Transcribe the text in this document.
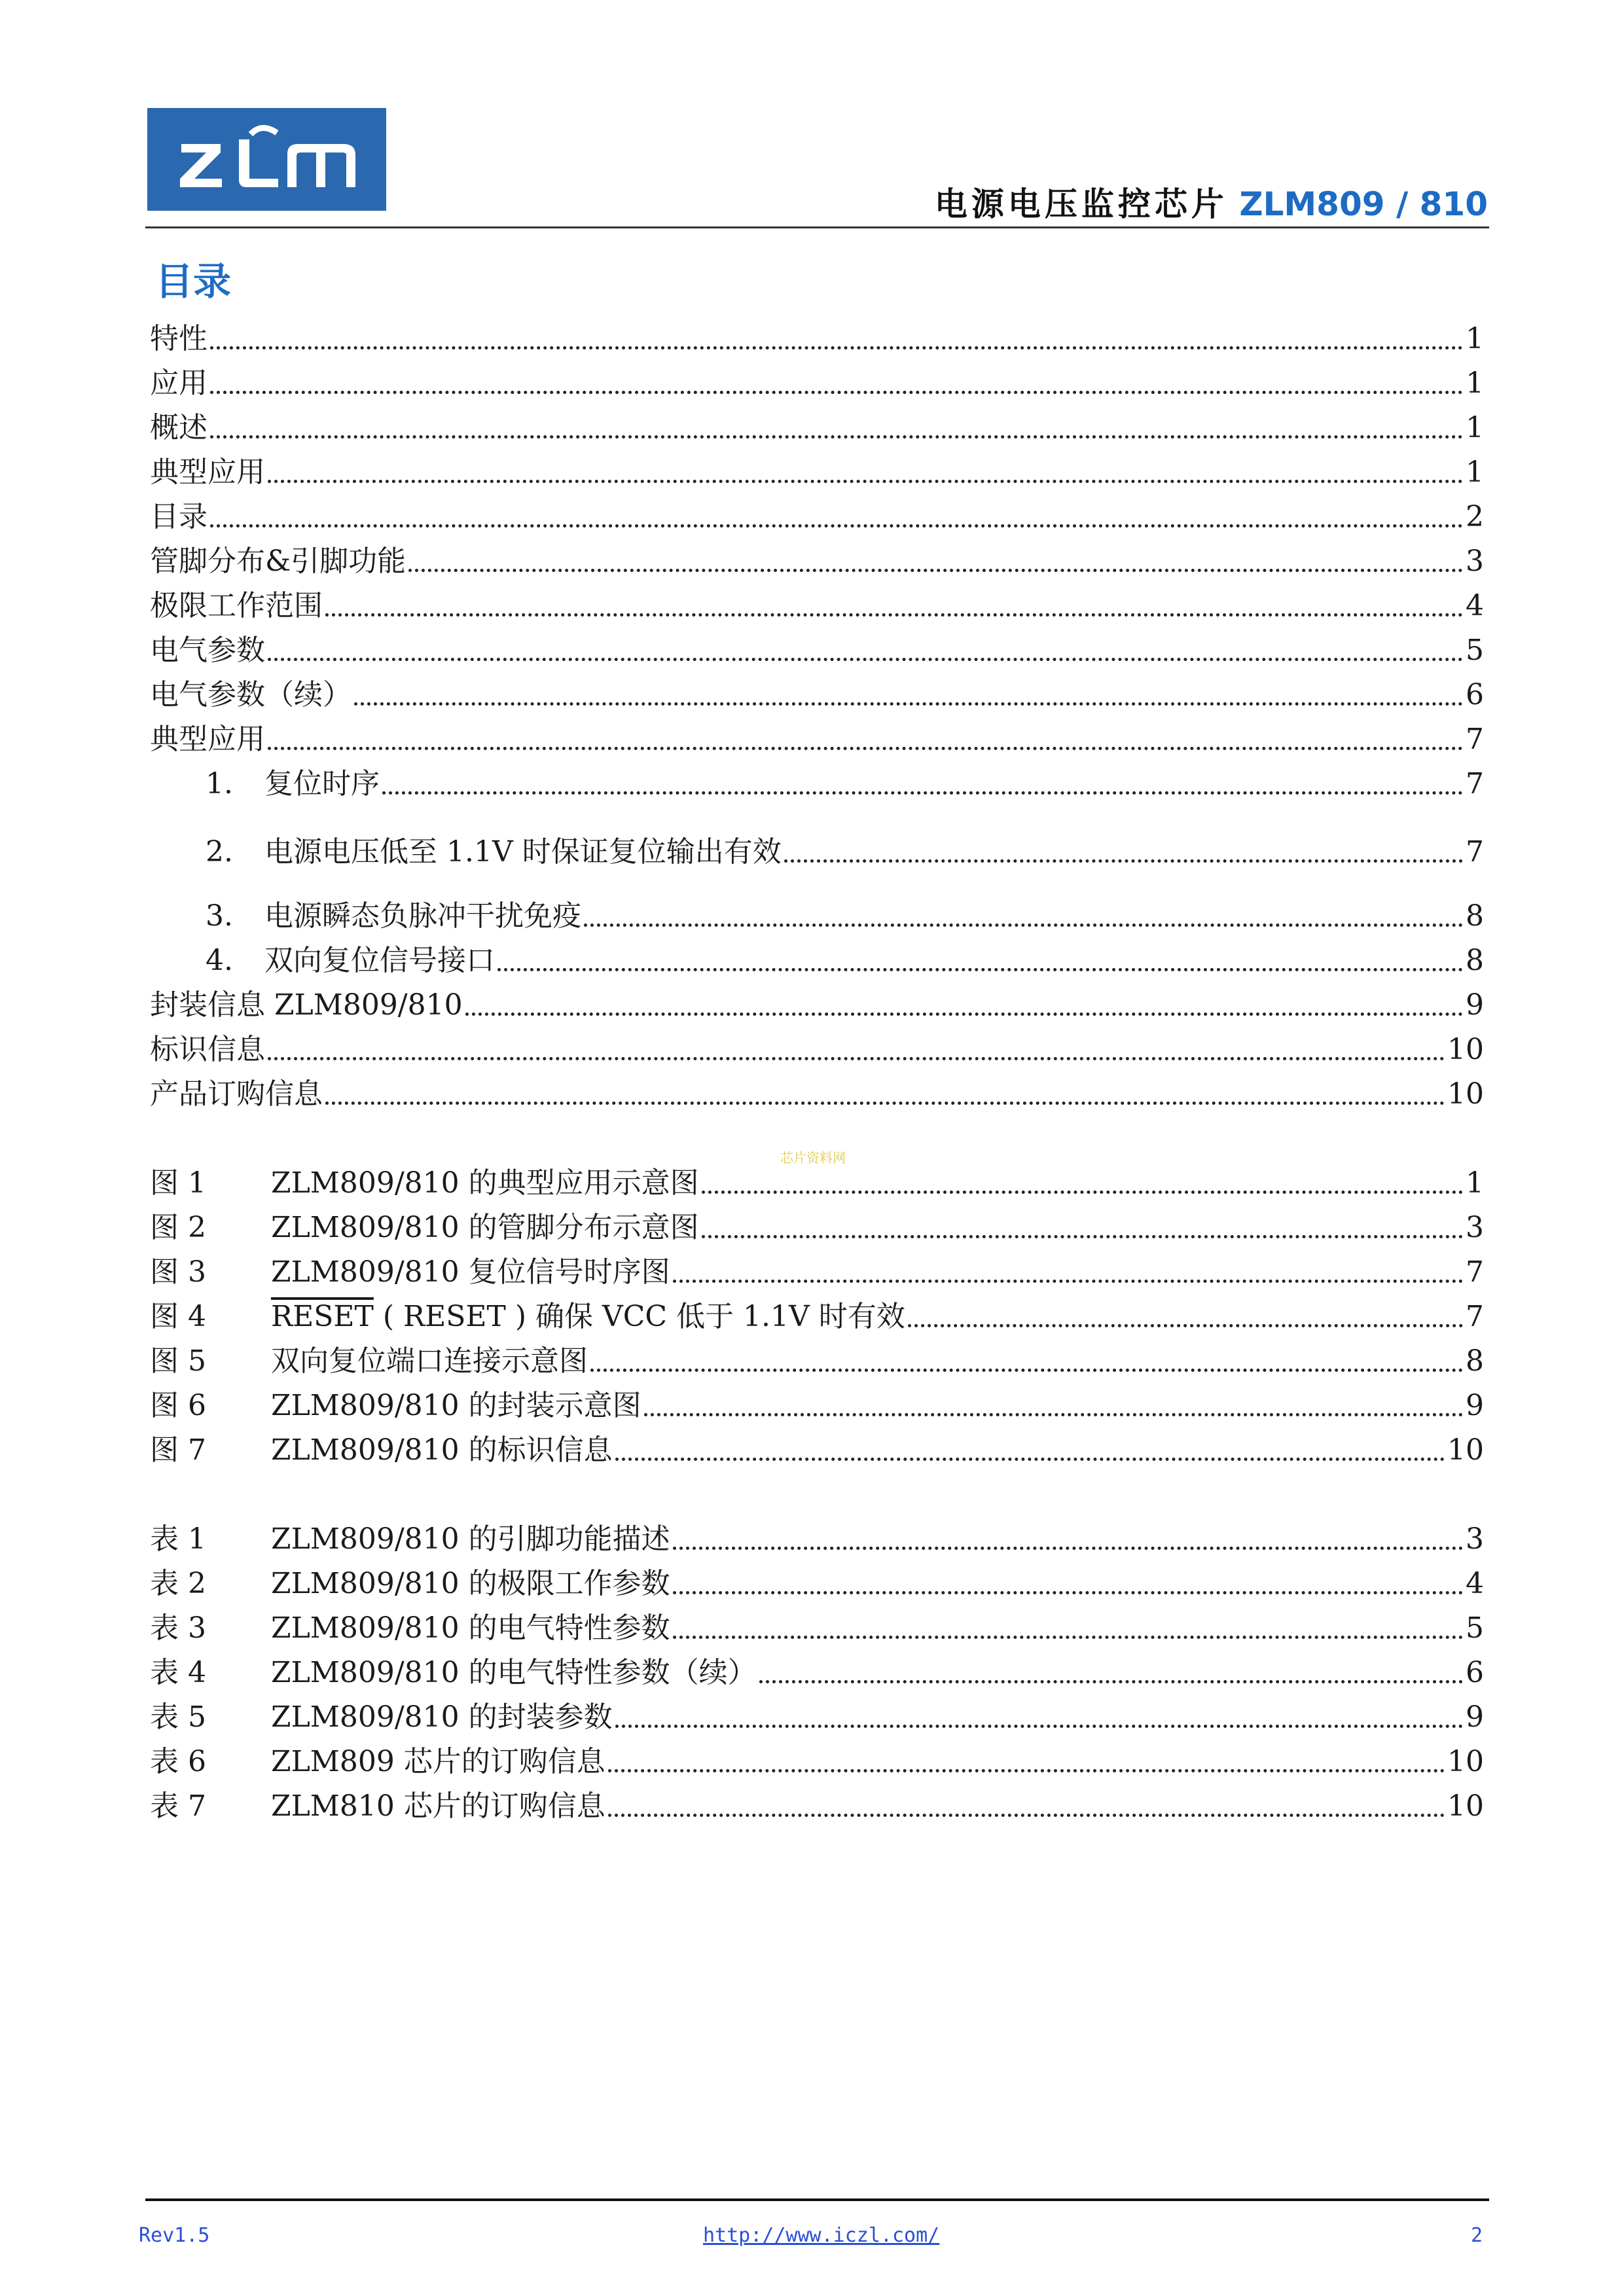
电源电压监控芯片 ZLM809 / 810
目录
特性	1
应用	1
概述	1
典型应用	1
目录	2
管脚分布&引脚功能	3
极限工作范围	4
电气参数	5
电气参数（续）	6
典型应用	7
1.	复位时序	7
2.	电源电压低至 1.1V 时保证复位输出有效	7
3.	电源瞬态负脉冲干扰免疫	8
4.	双向复位信号接口	8
封装信息 ZLM809/810	9
标识信息	10
产品订购信息	10
芯片资料网
图 1	ZLM809/810 的典型应用示意图	1
图 2	ZLM809/810 的管脚分布示意图	3
图 3	ZLM809/810 复位信号时序图	7
图 4	RESET ( RESET ) 确保 VCC 低于 1.1V 时有效	7
图 5	双向复位端口连接示意图	8
图 6	ZLM809/810 的封装示意图	9
图 7	ZLM809/810 的标识信息	10
表 1	ZLM809/810 的引脚功能描述	3
表 2	ZLM809/810 的极限工作参数	4
表 3	ZLM809/810 的电气特性参数	5
表 4	ZLM809/810 的电气特性参数（续）	6
表 5	ZLM809/810 的封装参数	9
表 6	ZLM809 芯片的订购信息	10
表 7	ZLM810 芯片的订购信息	10
Rev1.5	http://www.iczl.com/	2
